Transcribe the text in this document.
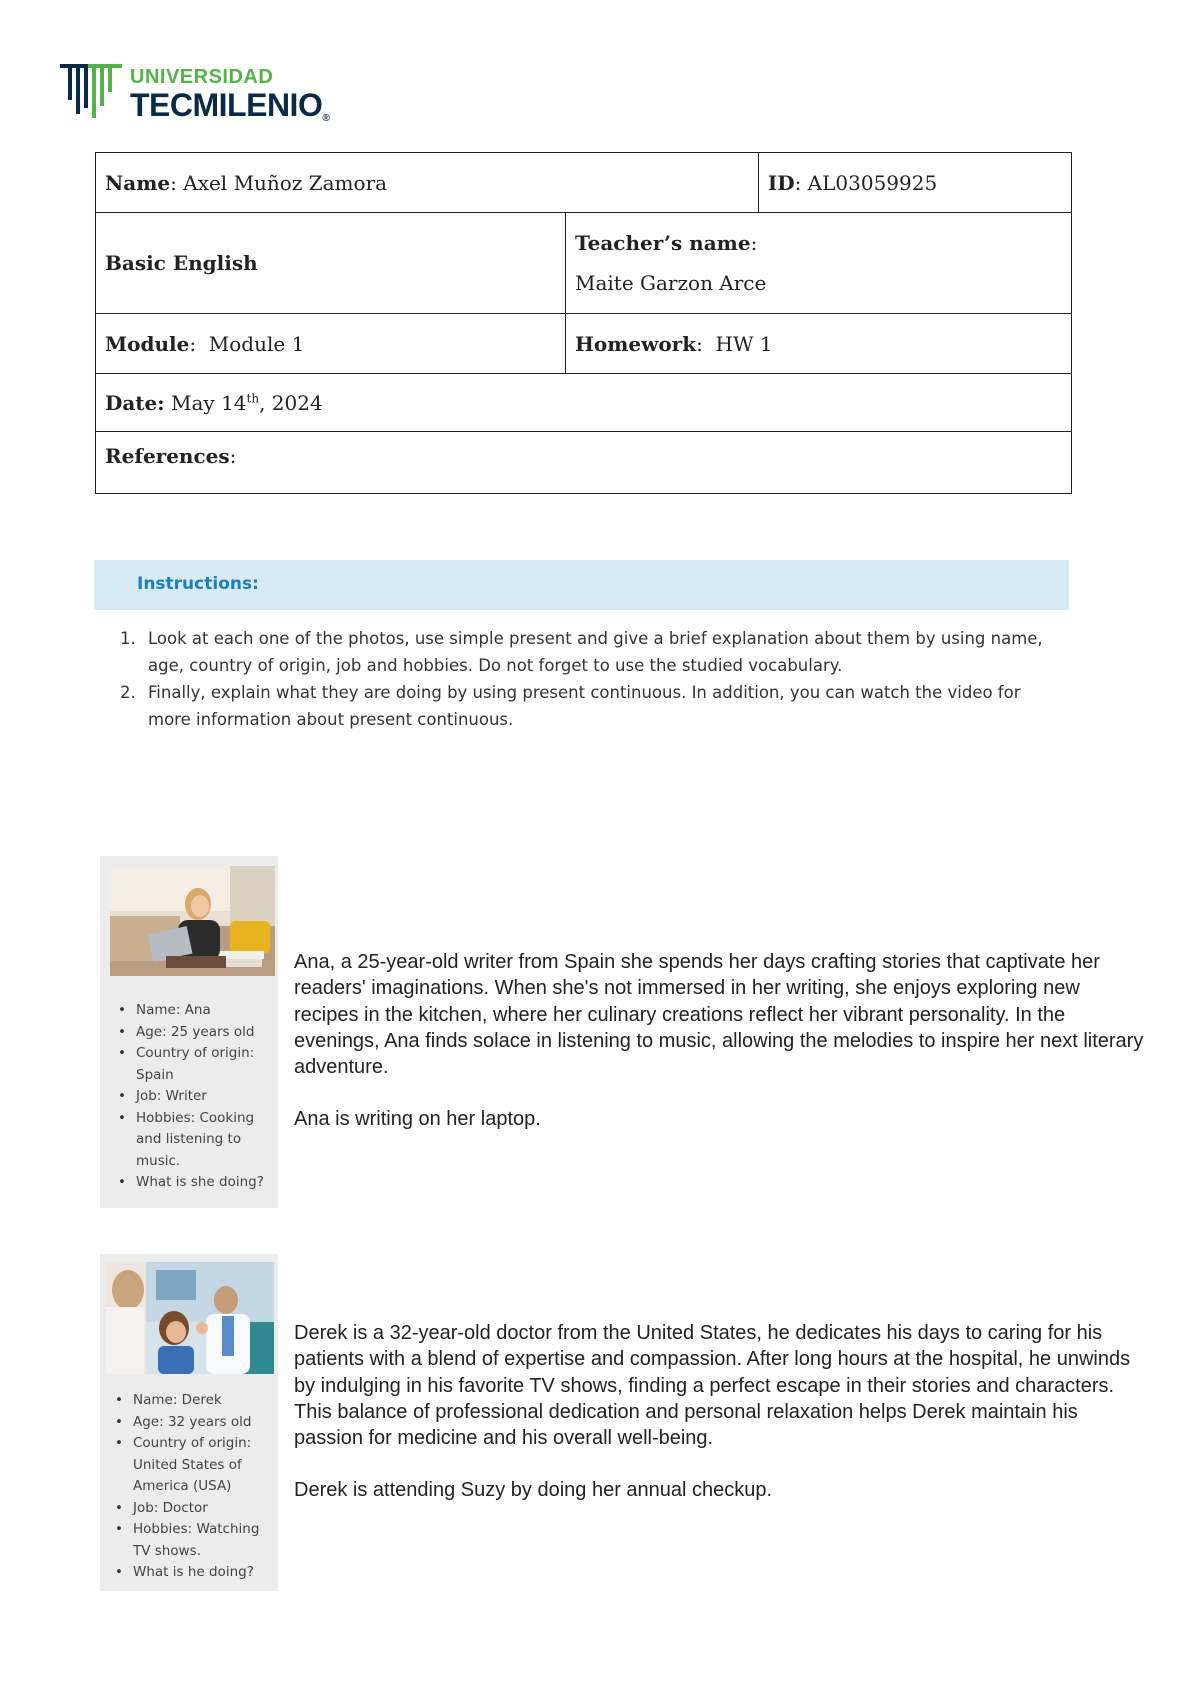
UNIVERSIDAD
TECMILENIO®
Name: Axel Muñoz Zamora		ID: AL03059925
Basic English	Teacher’s name:
Maite Garzon Arce	

Module:  Module 1	Homework:  HW 1	
Date: May 14th, 2024		
References:		
Instructions:
1. Look at each one of the photos, use simple present and give a brief explanation about them by using name, age, country of origin, job and hobbies. Do not forget to use the studied vocabulary.
2. Finally, explain what they are doing by using present continuous. In addition, you can watch the video for more information about present continuous.
• Name: Ana
• Age: 25 years old
• Country of origin: Spain
• Job: Writer
• Hobbies: Cooking and listening to music.
• What is she doing?

Ana, a 25-year-old writer from Spain she spends her days crafting stories that captivate her readers' imaginations. When she's not immersed in her writing, she enjoys exploring new recipes in the kitchen, where her culinary creations reflect her vibrant personality. In the evenings, Ana finds solace in listening to music, allowing the melodies to inspire her next literary adventure.

Ana is writing on her laptop.

• Name: Derek
• Age: 32 years old
• Country of origin: United States of America (USA)
• Job: Doctor
• Hobbies: Watching TV shows.
• What is he doing?

Derek is a 32-year-old doctor from the United States, he dedicates his days to caring for his patients with a blend of expertise and compassion. After long hours at the hospital, he unwinds by indulging in his favorite TV shows, finding a perfect escape in their stories and characters. This balance of professional dedication and personal relaxation helps Derek maintain his passion for medicine and his overall well-being.

Derek is attending Suzy by doing her annual checkup.
